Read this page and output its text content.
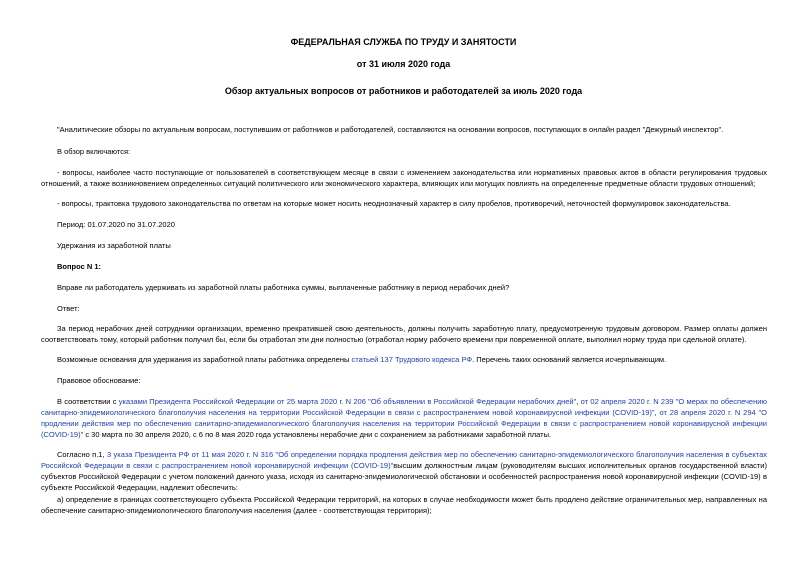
ФЕДЕРАЛЬНАЯ СЛУЖБА ПО ТРУДУ И ЗАНЯТОСТИ

от 31 июля 2020 года

Обзор актуальных вопросов от работников и работодателей за июль 2020 года

"Аналитические обзоры по актуальным вопросам, поступившим от работников и работодателей, составляются на основании вопросов, поступающих в онлайн раздел "Дежурный инспектор".

В обзор включаются:

- вопросы, наиболее часто поступающие от пользователей в соответствующем месяце в связи с изменением законодательства или нормативных правовых актов в области регулирования трудовых отношений, а также возникновением определенных ситуаций политического или экономического характера, влияющих или могущих повлиять на определенные предметные области трудовых отношений;

- вопросы, трактовка трудового законодательства по ответам на которые может носить неоднозначный характер в силу пробелов, противоречий, неточностей формулировок законодательства.

Период: 01.07.2020 по 31.07.2020

Удержания из заработной платы

Вопрос N 1:

Вправе ли работодатель удерживать из заработной платы работника суммы, выплаченные работнику в период нерабочих дней?

Ответ:

За период нерабочих дней сотрудники организации, временно прекратившей свою деятельность, должны получить заработную плату, предусмотренную трудовым договором. Размер оплаты должен соответствовать тому, который работник получил бы, если бы отработал эти дни полностью (отработал норму рабочего времени при повременной оплате, выполнил норму труда при сдельной оплате).

Возможные основания для удержания из заработной платы работника определены статьей 137 Трудового кодекса РФ. Перечень таких оснований является исчерпывающим.

Правовое обоснование:

В соответствии с указами Президента Российской Федерации от 25 марта 2020 г. N 206 "Об объявлении в Российской Федерации нерабочих дней", от 02 апреля 2020 г. N 239 "О мерах по обеспечению санитарно-эпидемиологического благополучия населения на территории Российской Федерации в связи с распространением новой коронавирусной инфекции (COVID-19)", от 28 апреля 2020 г. N 294 "О продлении действия мер по обеспечению санитарно-эпидемиологического благополучия населения на территории Российской Федерации в связи с распространением новой коронавирусной инфекции (COVID-19)" с 30 марта по 30 апреля 2020, с 6 по 8 мая 2020 года установлены нерабочие дни с сохранением за работниками заработной платы.

Согласно п.1, 3 указа Президента РФ от 11 мая 2020 г. N 316 "Об определении порядка продления действия мер по обеспечению санитарно-эпидемиологического благополучия населения в субъектах Российской Федерации в связи с распространением новой коронавирусной инфекции (COVID-19)"высшим должностным лицам (руководителям высших исполнительных органов государственной власти) субъектов Российской Федерации с учетом положений данного указа, исходя из санитарно-эпидемиологической обстановки и особенностей распространения новой коронавирусной инфекции (COVID-19) в субъекте Российской Федерации, надлежит обеспечить:

а) определение в границах соответствующего субъекта Российской Федерации территорий, на которых в случае необходимости может быть продлено действие ограничительных мер, направленных на обеспечение санитарно-эпидемиологического благополучия населения (далее - соответствующая территория);
